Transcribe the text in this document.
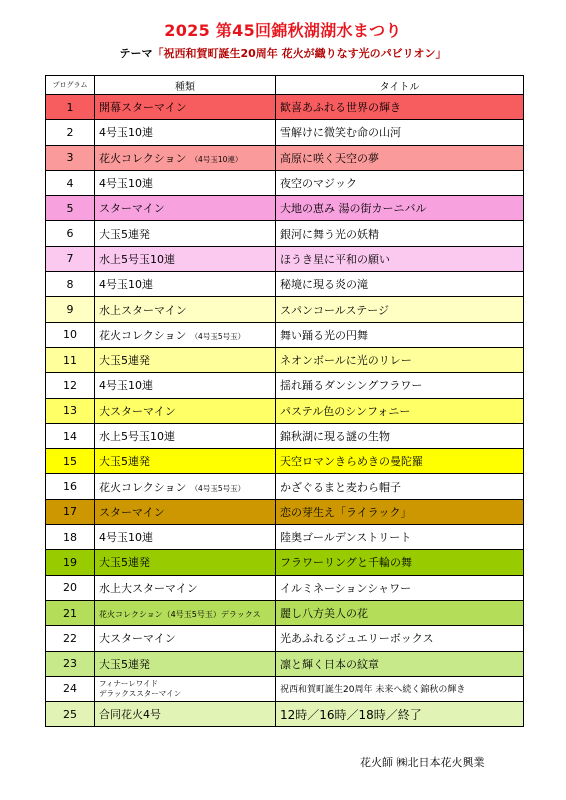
2025 第45回錦秋湖湖水まつり
テーマ「祝西和賀町誕生20周年 花火が織りなす光のパビリオン」
プログラム	種類	タイトル
1	開幕スターマイン	歓喜あふれる世界の輝き
2	4号玉10連	雪解けに微笑む命の山河
3	花火コレクション （4号玉10連）	高原に咲く天空の夢
4	4号玉10連	夜空のマジック
5	スターマイン	大地の恵み 湯の街カーニバル
6	大玉5連発	銀河に舞う光の妖精
7	水上5号玉10連	ほうき星に平和の願い
8	4号玉10連	秘境に現る炎の滝
9	水上スターマイン	スパンコールステージ
10	花火コレクション （4号玉5号玉）	舞い踊る光の円舞
11	大玉5連発	ネオンボールに光のリレー
12	4号玉10連	揺れ踊るダンシングフラワー
13	大スターマイン	パステル色のシンフォニー
14	水上5号玉10連	錦秋湖に現る謎の生物
15	大玉5連発	天空ロマンきらめきの曼陀羅
16	花火コレクション （4号玉5号玉）	かざぐるまと麦わら帽子
17	スターマイン	恋の芽生え「ライラック」
18	4号玉10連	陸奥ゴールデンストリート
19	大玉5連発	フラワーリングと千輪の舞
20	水上大スターマイン	イルミネーションシャワー
21	花火コレクション（4号玉5号玉）デラックス	麗し八方美人の花
22	大スターマイン	光あふれるジュエリーボックス
23	大玉5連発	凛と輝く日本の紋章
24	フィナーレワイド
デラックススターマイン	祝西和賀町誕生20周年 未来へ続く錦秋の輝き
25	合同花火4号	12時／16時／18時／終了
花火師 ㈱北日本花火興業
